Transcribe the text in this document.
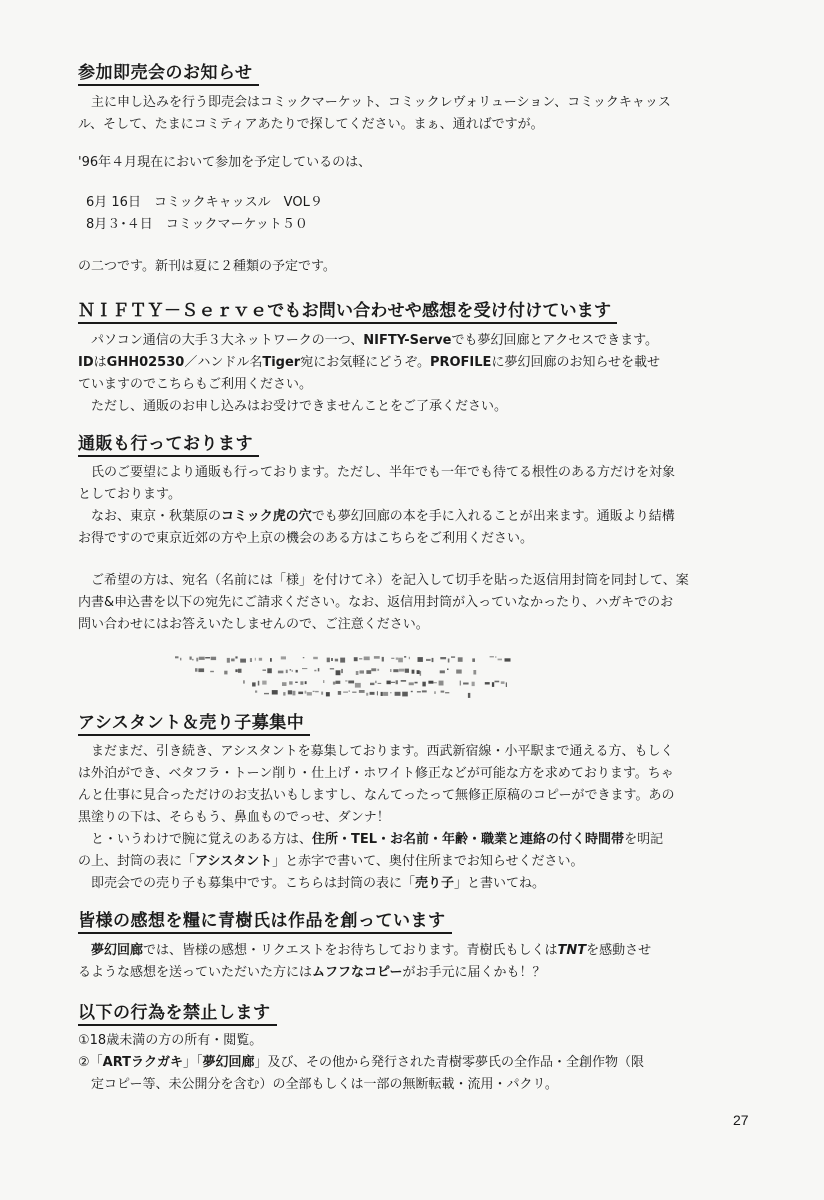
参加即売会のお知らせ
主に申し込みを行う即売会はコミックマーケット、コミックレヴォリューション、コミックキャッス
ル、そして、たまにコミティアあたりで探してください。まぁ、通ればですが。
'96年４月現在において参加を予定しているのは、
6月 16日　コミックキャッスル　VOL９
8月３･４日　コミックマーケット５０
の二つです。新刊は夏に２種類の予定です。
ＮＩＦＴＹ－Ｓｅｒｖｅでもお問い合わせや感想を受け付けています
パソコン通信の大手３大ネットワークの一つ、NIFTY-Serveでも夢幻回廊とアクセスできます。
IDはGHH02530／ハンドル名Tiger宛にお気軽にどうぞ。PROFILEに夢幻回廊のお知らせを載せ
ていますのでこちらもご利用ください。
ただし、通販のお申し込みはお受けできませんことをご了承ください。
通販も行っております
氏のご要望により通販も行っております。ただし、半年でも一年でも待てる根性のある方だけを対象
としております。
なお、東京・秋葉原のコミック虎の穴でも夢幻回廊の本を手に入れることが出来ます。通販より結構
お得ですので東京近郊の方や上京の機会のある方はこちらをご利用ください。
ご希望の方は、宛名（名前には「様」を付けてネ）を記入して切手を貼った返信用封筒を同封して、案
内書&申込書を以下の宛先にご請求ください。なお、返信用封筒が入っていなかったり、ハガキでのお
問い合わせにはお答えいたしませんので、ご注意ください。
アシスタント＆売り子募集中
まだまだ、引き続き、アシスタントを募集しております。西武新宿線・小平駅まで通える方、もしく
は外泊ができ、ベタフラ・トーン削り・仕上げ・ホワイト修正などが可能な方を求めております。ちゃ
んと仕事に見合っただけのお支払いもしますし、なんてったって無修正原稿のコピーができます。あの
黒塗りの下は、そらもう、鼻血ものでっせ、ダンナ！
と・いうわけで腕に覚えのある方は、住所・TEL・お名前・年齢・職業と連絡の付く時間帯を明記
の上、封筒の表に「アシスタント」と赤字で書いて、奥付住所までお知らせください。
即売会での売り子も募集中です。こちらは封筒の表に「売り子」と書いてね。
皆様の感想を糧に青樹氏は作品を創っています
夢幻回廊では、皆様の感想・リクエストをお待ちしております。青樹氏もしくはTNTを感動させ
るような感想を送っていただいた方にはムフフなコピーがお手元に届くかも！？
以下の行為を禁止します
①18歳未満の方の所有・閲覧。
②「ARTラクガキ」「夢幻回廊」及び、その他から発行された青樹零夢氏の全作品・全創作物（限
定コピー等、未公開分を含む）の全部もしくは一部の無断転載・流用・パクリ。
27
